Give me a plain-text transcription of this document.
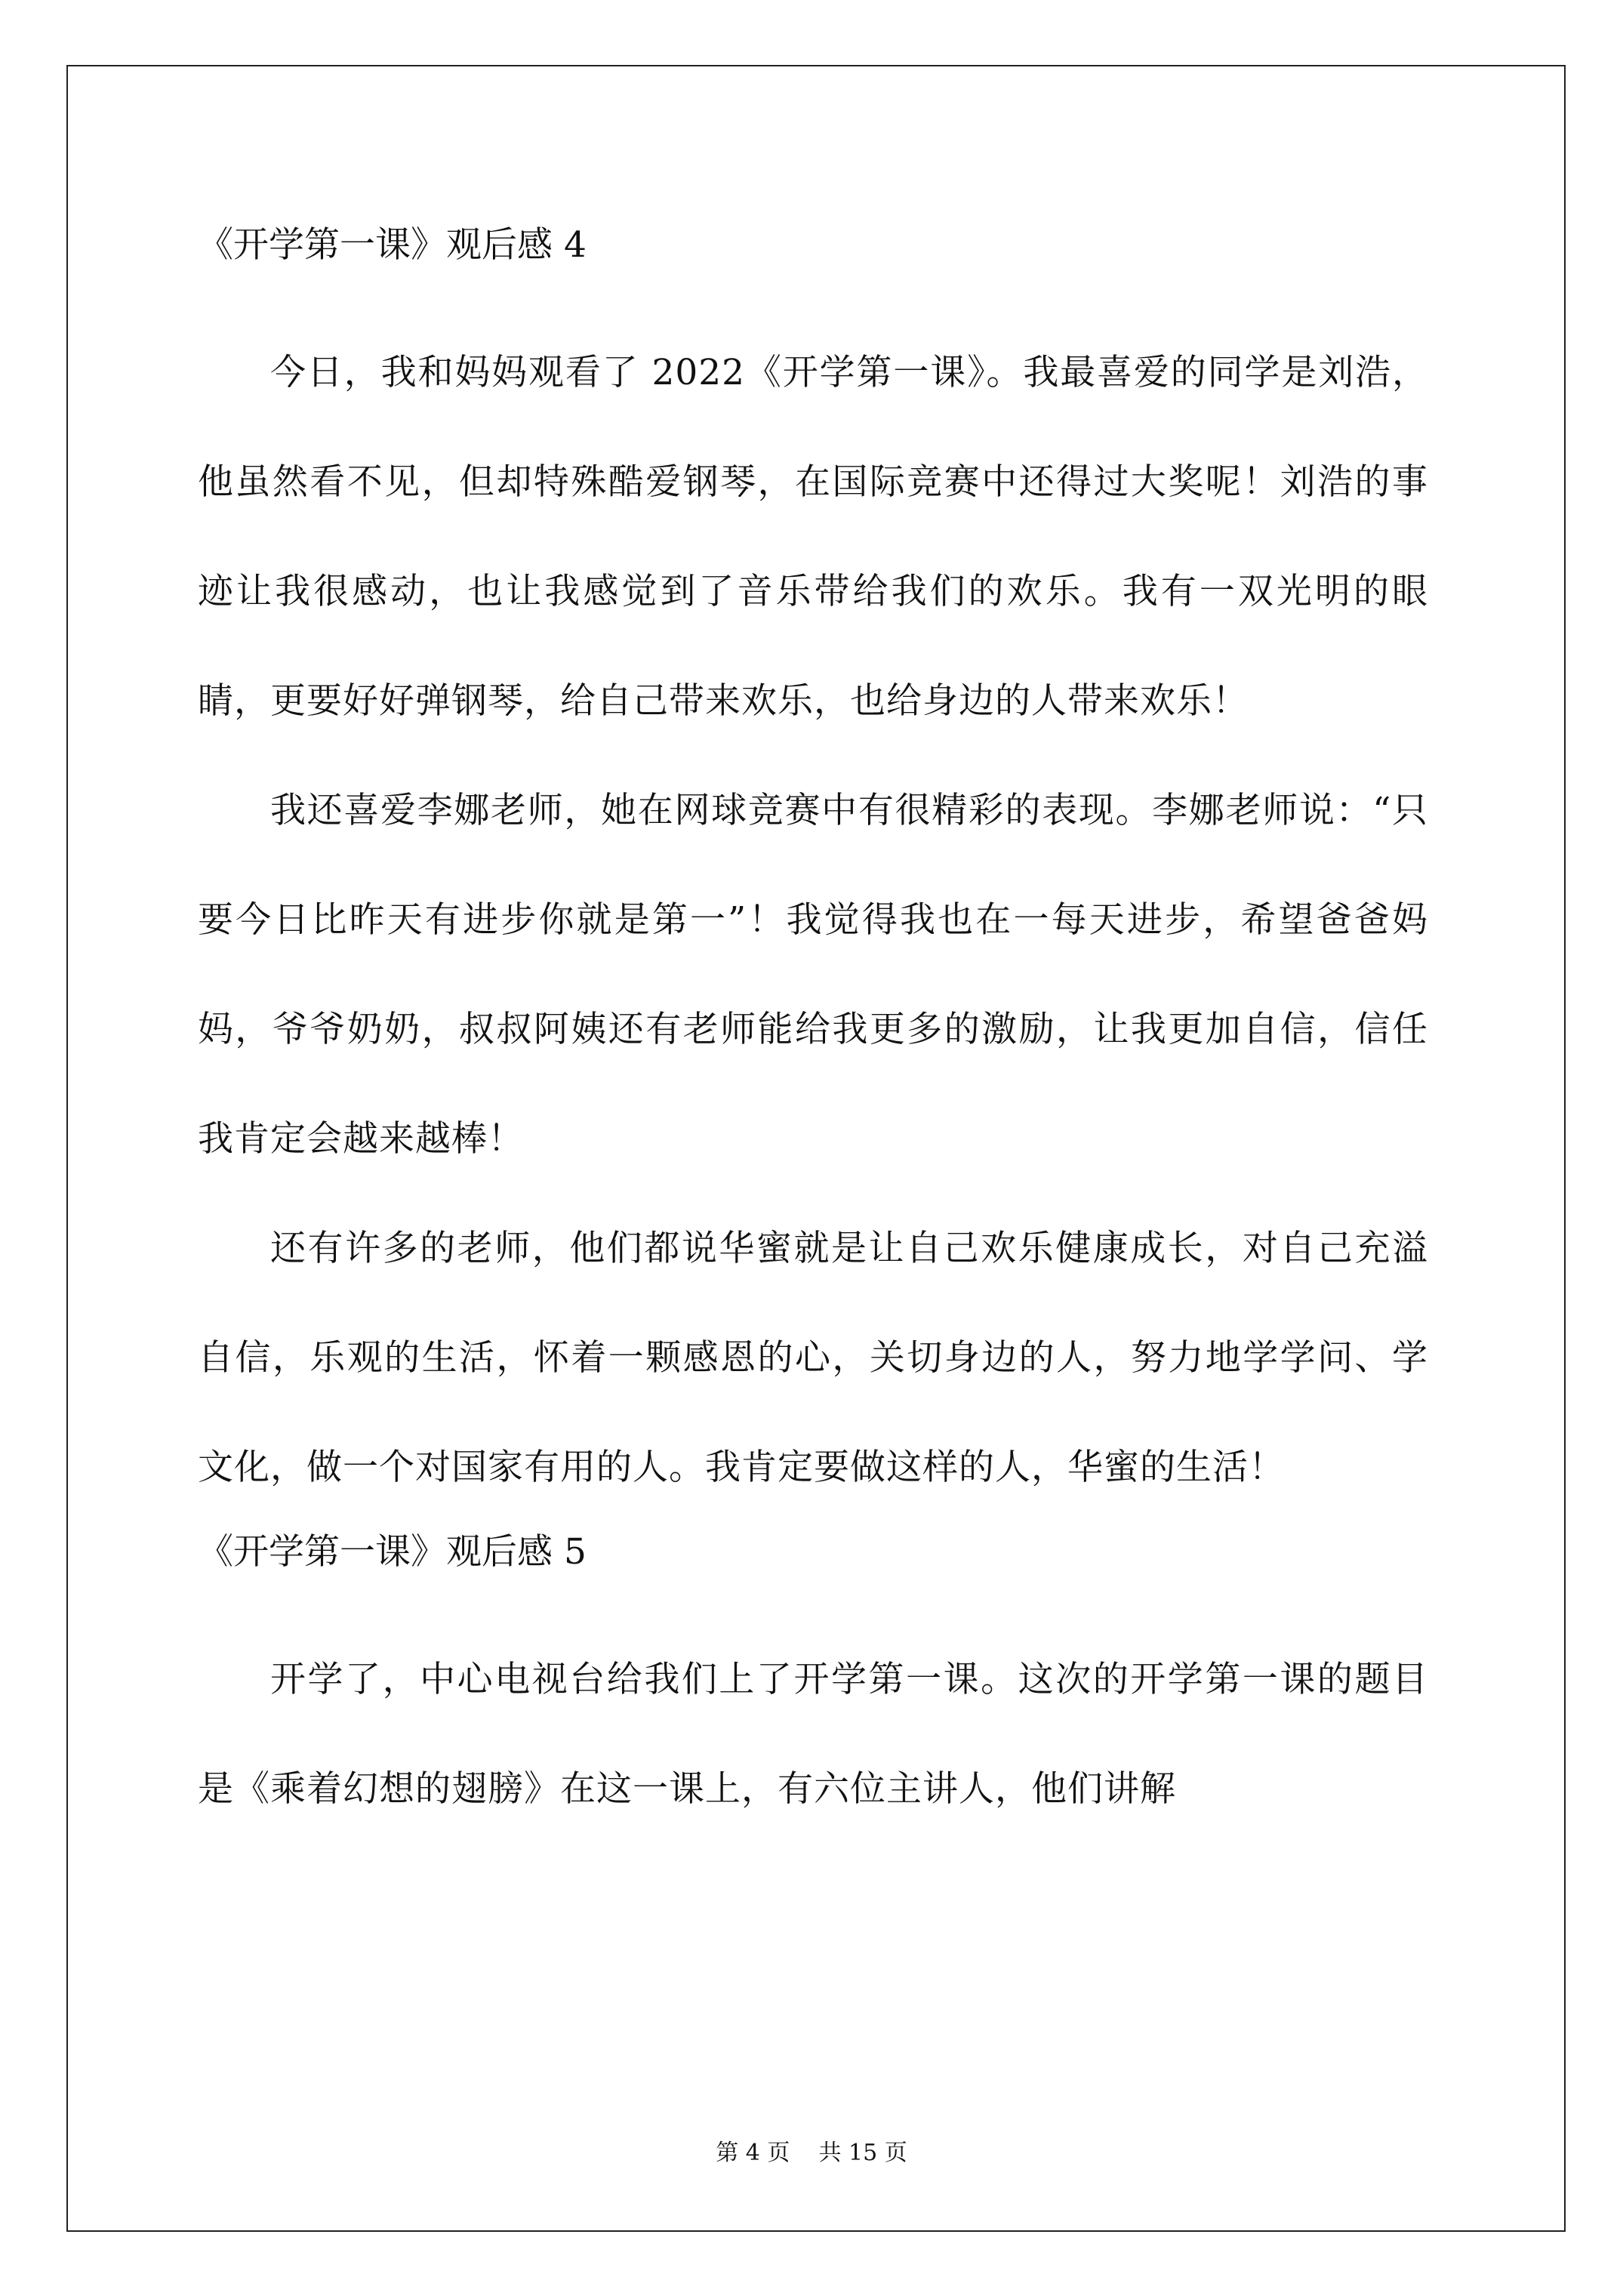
《开学第一课》观后感 4

今日，我和妈妈观看了 2022《开学第一课》。我最喜爱的同学是刘浩，他虽然看不见，但却特殊酷爱钢琴，在国际竞赛中还得过大奖呢！刘浩的事迹让我很感动，也让我感觉到了音乐带给我们的欢乐。我有一双光明的眼睛，更要好好弹钢琴，给自己带来欢乐，也给身边的人带来欢乐！

我还喜爱李娜老师，她在网球竞赛中有很精彩的表现。李娜老师说：“只要今日比昨天有进步你就是第一”！我觉得我也在一每天进步，希望爸爸妈妈，爷爷奶奶，叔叔阿姨还有老师能给我更多的激励，让我更加自信，信任我肯定会越来越棒！

还有许多的老师，他们都说华蜜就是让自己欢乐健康成长，对自己充溢自信，乐观的生活，怀着一颗感恩的心，关切身边的人，努力地学学问、学文化，做一个对国家有用的人。我肯定要做这样的人，华蜜的生活！

《开学第一课》观后感 5

开学了，中心电视台给我们上了开学第一课。这次的开学第一课的题目是《乘着幻想的翅膀》在这一课上，有六位主讲人，他们讲解

第 4 页    共 15 页
